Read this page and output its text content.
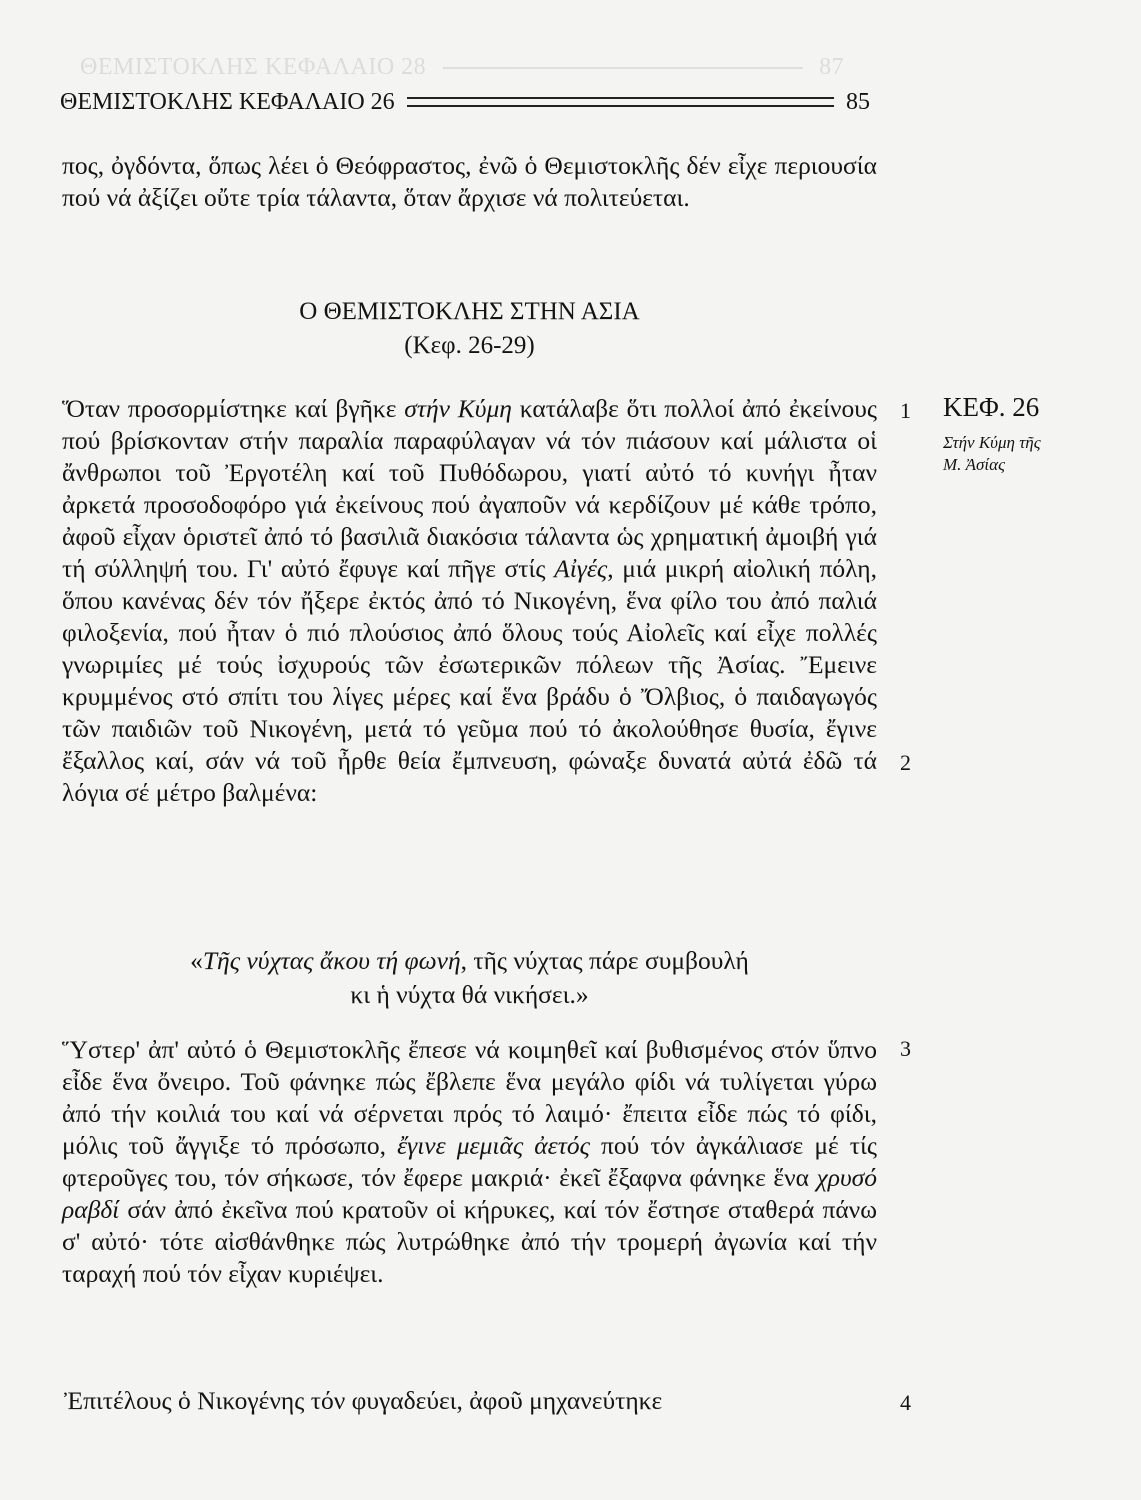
ΘΕΜΙΣΤΟΚΛΗΣ ΚΕΦΑΛΑΙΟ 28	87
ΘΕΜΙΣΤΟΚΛΗΣ ΚΕΦΑΛΑΙΟ 26	85

πος, ὀγδόντα, ὅπως λέει ὁ Θεόφραστος, ἐνῶ ὁ Θεμιστοκλῆς δέν εἶχε περιουσία πού νά ἀξίζει οὔτε τρία τάλαντα, ὅταν ἄρχισε νά πολιτεύεται.

Ο ΘΕΜΙΣΤΟΚΛΗΣ ΣΤΗΝ ΑΣΙΑ
(Κεφ. 26-29)
ΚΕΦ. 26
Στήν Κύμη τῆς
Μ. Ἀσίας

Ὅταν προσορμίστηκε καί βγῆκε στήν Κύμη κατάλαβε ὅτι πολλοί ἀπό ἐκείνους πού βρίσκονταν στήν παραλία παραφύλαγαν νά τόν πιάσουν καί μάλιστα οἱ ἄνθρωποι τοῦ Ἐργοτέλη καί τοῦ Πυθόδωρου, γιατί αὐτό τό κυνήγι ἦταν ἀρκετά προσοδοφόρο γιά ἐκείνους πού ἀγαποῦν νά κερδίζουν μέ κάθε τρόπο, ἀφοῦ εἶχαν ὁριστεῖ ἀπό τό βασιλιᾶ διακόσια τάλαντα ὡς χρηματική ἀμοιβή γιά τή σύλληψή του. Γι' αὐτό ἔφυγε καί πῆγε στίς Αἰγές, μιά μικρή αἰολική πόλη, ὅπου κανένας δέν τόν ἤξερε ἐκτός ἀπό τό Νικογένη, ἕνα φίλο του ἀπό παλιά φιλοξενία, πού ἦταν ὁ πιό πλούσιος ἀπό ὅλους τούς Αἰολεῖς καί εἶχε πολλές γνωριμίες μέ τούς ἰσχυρούς τῶν ἐσωτερικῶν πόλεων τῆς Ἀσίας. Ἔμεινε κρυμμένος στό σπίτι του λίγες μέρες καί ἕνα βράδυ ὁ Ὄλβιος, ὁ παιδαγωγός τῶν παιδιῶν τοῦ Νικογένη, μετά τό γεῦμα πού τό ἀκολούθησε θυσία, ἔγινε ἔξαλλος καί, σάν νά τοῦ ἦρθε θεία ἔμπνευση, φώναξε δυνατά αὐτά ἐδῶ τά λόγια σέ μέτρο βαλμένα:

«Τῆς νύχτας ἄκου τή φωνή, τῆς νύχτας πάρε συμβουλή
κι ἡ νύχτα θά νικήσει.»

Ὕστερ' ἀπ' αὐτό ὁ Θεμιστοκλῆς ἔπεσε νά κοιμηθεῖ καί βυθισμένος στόν ὕπνο εἶδε ἕνα ὄνειρο. Τοῦ φάνηκε πώς ἔβλεπε ἕνα μεγάλο φίδι νά τυλίγεται γύρω ἀπό τήν κοιλιά του καί νά σέρνεται πρός τό λαιμό· ἔπειτα εἶδε πώς τό φίδι, μόλις τοῦ ἄγγιξε τό πρόσωπο, ἔγινε μεμιᾶς ἀετός πού τόν ἀγκάλιασε μέ τίς φτεροῦγες του, τόν σήκωσε, τόν ἔφερε μακριά· ἐκεῖ ἔξαφνα φάνηκε ἕνα χρυσό ραβδί σάν ἀπό ἐκεῖνα πού κρατοῦν οἱ κήρυκες, καί τόν ἔστησε σταθερά πάνω σ' αὐτό· τότε αἰσθάνθηκε πώς λυτρώθηκε ἀπό τήν τρομερή ἀγωνία καί τήν ταραχή πού τόν εἶχαν κυριέψει.

Ἐπιτέλους ὁ Νικογένης τόν φυγαδεύει, ἀφοῦ μηχανεύτηκε

1
2
3
4
